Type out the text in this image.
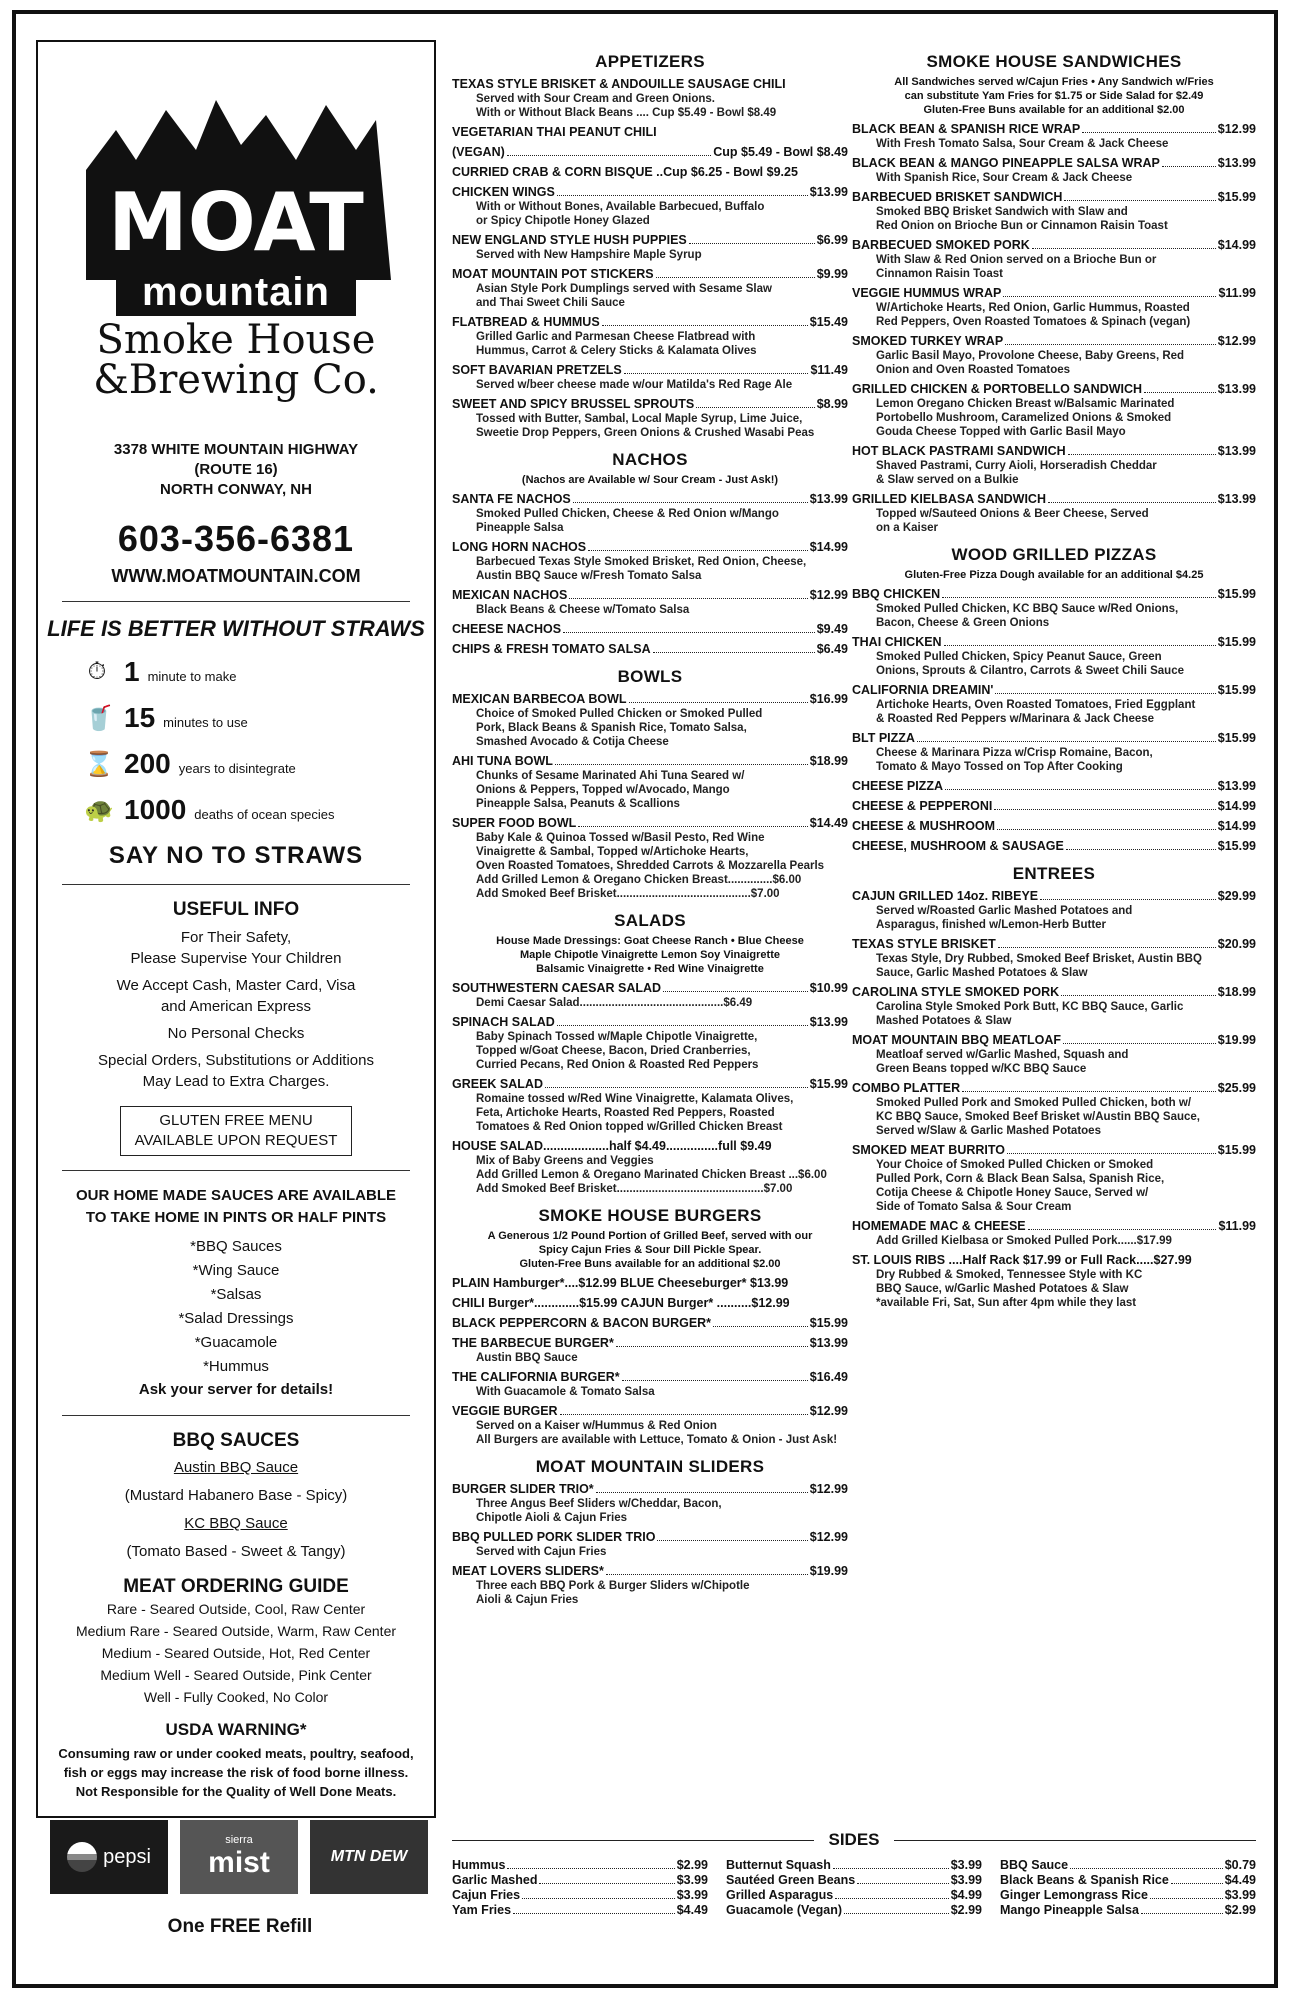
MOAT
mountain
Smoke House
&Brewing Co.
3378 WHITE MOUNTAIN HIGHWAY
(ROUTE 16)
NORTH CONWAY, NH
603-356-6381
WWW.MOATMOUNTAIN.COM
LIFE IS BETTER WITHOUT STRAWS
⏱ 1 minute to make
🥤 15 minutes to use
⌛ 200 years to disintegrate
🐢 1000 deaths of ocean species
SAY NO TO STRAWS
USEFUL INFO

For Their Safety,
Please Supervise Your Children

We Accept Cash, Master Card, Visa
and American Express

No Personal Checks

Special Orders, Substitutions or Additions
May Lead to Extra Charges.

GLUTEN FREE MENU
AVAILABLE UPON REQUEST
OUR HOME MADE SAUCES ARE AVAILABLE
TO TAKE HOME IN PINTS OR HALF PINTS
*BBQ Sauces
*Wing Sauce
*Salsas
*Salad Dressings
*Guacamole
*Hummus
Ask your server for details!
BBQ SAUCES
Austin BBQ Sauce
(Mustard Habanero Base - Spicy)
KC BBQ Sauce
(Tomato Based - Sweet & Tangy)
MEAT ORDERING GUIDE
Rare - Seared Outside, Cool, Raw Center
Medium Rare - Seared Outside, Warm, Raw Center
Medium - Seared Outside, Hot, Red Center
Medium Well - Seared Outside, Pink Center
Well - Fully Cooked, No Color
USDA WARNING*
Consuming raw or under cooked meats, poultry, seafood, fish or eggs may increase the risk of food borne illness. Not Responsible for the Quality of Well Done Meats.
pepsi
sierra
mist	MTN DEW
One FREE Refill
APPETIZERS
TEXAS STYLE BRISKET & ANDOUILLE SAUSAGE CHILI
Served with Sour Cream and Green Onions.
With or Without Black Beans .... Cup $5.49 - Bowl $8.49
VEGETARIAN THAI PEANUT CHILI
(VEGAN)	Cup $5.49 - Bowl $8.49
CURRIED CRAB & CORN BISQUE ..Cup $6.25 - Bowl $9.25
CHICKEN WINGS	$13.99
With or Without Bones, Available Barbecued, Buffalo
or Spicy Chipotle Honey Glazed
NEW ENGLAND STYLE HUSH PUPPIES	$6.99
Served with New Hampshire Maple Syrup
MOAT MOUNTAIN POT STICKERS	$9.99
Asian Style Pork Dumplings served with Sesame Slaw
and Thai Sweet Chili Sauce
FLATBREAD & HUMMUS	$15.49
Grilled Garlic and Parmesan Cheese Flatbread with
Hummus, Carrot & Celery Sticks & Kalamata Olives
SOFT BAVARIAN PRETZELS	$11.49
Served w/beer cheese made w/our Matilda's Red Rage Ale
SWEET AND SPICY BRUSSEL SPROUTS	$8.99
Tossed with Butter, Sambal, Local Maple Syrup, Lime Juice,
Sweetie Drop Peppers, Green Onions & Crushed Wasabi Peas
NACHOS
(Nachos are Available w/ Sour Cream - Just Ask!)
SANTA FE NACHOS	$13.99
Smoked Pulled Chicken, Cheese & Red Onion w/Mango
Pineapple Salsa
LONG HORN NACHOS	$14.99
Barbecued Texas Style Smoked Brisket, Red Onion, Cheese,
Austin BBQ Sauce w/Fresh Tomato Salsa
MEXICAN NACHOS	$12.99
Black Beans & Cheese w/Tomato Salsa
CHEESE NACHOS	$9.49
CHIPS & FRESH TOMATO SALSA	$6.49
BOWLS
MEXICAN BARBECOA BOWL	$16.99
Choice of Smoked Pulled Chicken or Smoked Pulled
Pork, Black Beans & Spanish Rice, Tomato Salsa,
Smashed Avocado & Cotija Cheese
AHI TUNA BOWL	$18.99
Chunks of Sesame Marinated Ahi Tuna Seared w/
Onions & Peppers, Topped w/Avocado, Mango
Pineapple Salsa, Peanuts & Scallions
SUPER FOOD BOWL	$14.49
Baby Kale & Quinoa Tossed w/Basil Pesto, Red Wine
Vinaigrette & Sambal, Topped w/Artichoke Hearts,
Oven Roasted Tomatoes, Shredded Carrots & Mozzarella Pearls
Add Grilled Lemon & Oregano Chicken Breast..............$6.00
Add Smoked Beef Brisket..........................................$7.00
SALADS
House Made Dressings: Goat Cheese Ranch • Blue Cheese
Maple Chipotle Vinaigrette Lemon Soy Vinaigrette
Balsamic Vinaigrette • Red Wine Vinaigrette
SOUTHWESTERN CAESAR SALAD	$10.99
Demi Caesar Salad.............................................$6.49
SPINACH SALAD	$13.99
Baby Spinach Tossed w/Maple Chipotle Vinaigrette,
Topped w/Goat Cheese, Bacon, Dried Cranberries,
Curried Pecans, Red Onion & Roasted Red Peppers
GREEK SALAD	$15.99
Romaine tossed w/Red Wine Vinaigrette, Kalamata Olives,
Feta, Artichoke Hearts, Roasted Red Peppers, Roasted
Tomatoes & Red Onion topped w/Grilled Chicken Breast
HOUSE SALAD...................half $4.49...............full $9.49
Mix of Baby Greens and Veggies
Add Grilled Lemon & Oregano Marinated Chicken Breast ...$6.00
Add Smoked Beef Brisket..............................................$7.00
SMOKE HOUSE BURGERS
A Generous 1/2 Pound Portion of Grilled Beef, served with our
Spicy Cajun Fries & Sour Dill Pickle Spear.
Gluten-Free Buns available for an additional $2.00
PLAIN Hamburger*....$12.99 BLUE Cheeseburger* $13.99
CHILI Burger*.............$15.99 CAJUN Burger* ..........$12.99
BLACK PEPPERCORN & BACON BURGER*	$15.99
THE BARBECUE BURGER*	$13.99
Austin BBQ Sauce
THE CALIFORNIA BURGER*	$16.49
With Guacamole & Tomato Salsa
VEGGIE BURGER	$12.99
Served on a Kaiser w/Hummus & Red Onion
All Burgers are available with Lettuce, Tomato & Onion - Just Ask!
MOAT MOUNTAIN SLIDERS
BURGER SLIDER TRIO*	$12.99
Three Angus Beef Sliders w/Cheddar, Bacon,
Chipotle Aioli & Cajun Fries
BBQ PULLED PORK SLIDER TRIO	$12.99
Served with Cajun Fries
MEAT LOVERS SLIDERS*	$19.99
Three each BBQ Pork & Burger Sliders w/Chipotle
Aioli & Cajun Fries
SMOKE HOUSE SANDWICHES
All Sandwiches served w/Cajun Fries • Any Sandwich w/Fries
can substitute Yam Fries for $1.75 or Side Salad for $2.49
Gluten-Free Buns available for an additional $2.00
BLACK BEAN & SPANISH RICE WRAP	$12.99
With Fresh Tomato Salsa, Sour Cream & Jack Cheese
BLACK BEAN & MANGO PINEAPPLE SALSA WRAP	$13.99
With Spanish Rice, Sour Cream & Jack Cheese
BARBECUED BRISKET SANDWICH	$15.99
Smoked BBQ Brisket Sandwich with Slaw and
Red Onion on Brioche Bun or Cinnamon Raisin Toast
BARBECUED SMOKED PORK	$14.99
With Slaw & Red Onion served on a Brioche Bun or
Cinnamon Raisin Toast
VEGGIE HUMMUS WRAP	$11.99
W/Artichoke Hearts, Red Onion, Garlic Hummus, Roasted
Red Peppers, Oven Roasted Tomatoes & Spinach (vegan)
SMOKED TURKEY WRAP	$12.99
Garlic Basil Mayo, Provolone Cheese, Baby Greens, Red
Onion and Oven Roasted Tomatoes
GRILLED CHICKEN & PORTOBELLO SANDWICH	$13.99
Lemon Oregano Chicken Breast w/Balsamic Marinated
Portobello Mushroom, Caramelized Onions & Smoked
Gouda Cheese Topped with Garlic Basil Mayo
HOT BLACK PASTRAMI SANDWICH	$13.99
Shaved Pastrami, Curry Aioli, Horseradish Cheddar
& Slaw served on a Bulkie
GRILLED KIELBASA SANDWICH	$13.99
Topped w/Sauteed Onions & Beer Cheese, Served
on a Kaiser
WOOD GRILLED PIZZAS
Gluten-Free Pizza Dough available for an additional $4.25
BBQ CHICKEN	$15.99
Smoked Pulled Chicken, KC BBQ Sauce w/Red Onions,
Bacon, Cheese & Green Onions
THAI CHICKEN	$15.99
Smoked Pulled Chicken, Spicy Peanut Sauce, Green
Onions, Sprouts & Cilantro, Carrots & Sweet Chili Sauce
CALIFORNIA DREAMIN'	$15.99
Artichoke Hearts, Oven Roasted Tomatoes, Fried Eggplant
& Roasted Red Peppers w/Marinara & Jack Cheese
BLT PIZZA	$15.99
Cheese & Marinara Pizza w/Crisp Romaine, Bacon,
Tomato & Mayo Tossed on Top After Cooking
CHEESE PIZZA	$13.99
CHEESE & PEPPERONI	$14.99
CHEESE & MUSHROOM	$14.99
CHEESE, MUSHROOM & SAUSAGE	$15.99
ENTREES
CAJUN GRILLED 14oz. RIBEYE	$29.99
Served w/Roasted Garlic Mashed Potatoes and
Asparagus, finished w/Lemon-Herb Butter
TEXAS STYLE BRISKET	$20.99
Texas Style, Dry Rubbed, Smoked Beef Brisket, Austin BBQ
Sauce, Garlic Mashed Potatoes & Slaw
CAROLINA STYLE SMOKED PORK	$18.99
Carolina Style Smoked Pork Butt, KC BBQ Sauce, Garlic
Mashed Potatoes & Slaw
MOAT MOUNTAIN BBQ MEATLOAF	$19.99
Meatloaf served w/Garlic Mashed, Squash and
Green Beans topped w/KC BBQ Sauce
COMBO PLATTER	$25.99
Smoked Pulled Pork and Smoked Pulled Chicken, both w/
KC BBQ Sauce, Smoked Beef Brisket w/Austin BBQ Sauce,
Served w/Slaw & Garlic Mashed Potatoes
SMOKED MEAT BURRITO	$15.99
Your Choice of Smoked Pulled Chicken or Smoked
Pulled Pork, Corn & Black Bean Salsa, Spanish Rice,
Cotija Cheese & Chipotle Honey Sauce, Served w/
Side of Tomato Salsa & Sour Cream
HOMEMADE MAC & CHEESE	$11.99
Add Grilled Kielbasa or Smoked Pulled Pork......$17.99
ST. LOUIS RIBS ....Half Rack $17.99 or Full Rack.....$27.99
Dry Rubbed & Smoked, Tennessee Style with KC
BBQ Sauce, w/Garlic Mashed Potatoes & Slaw
*available Fri, Sat, Sun after 4pm while they last
SIDES
Hummus	$2.99
Garlic Mashed	$3.99
Cajun Fries	$3.99
Yam Fries	$4.49
Butternut Squash	$3.99
Sautéed Green Beans	$3.99
Grilled Asparagus	$4.99
Guacamole (Vegan)	$2.99
BBQ Sauce	$0.79
Black Beans & Spanish Rice	$4.49
Ginger Lemongrass Rice	$3.99
Mango Pineapple Salsa	$2.99
